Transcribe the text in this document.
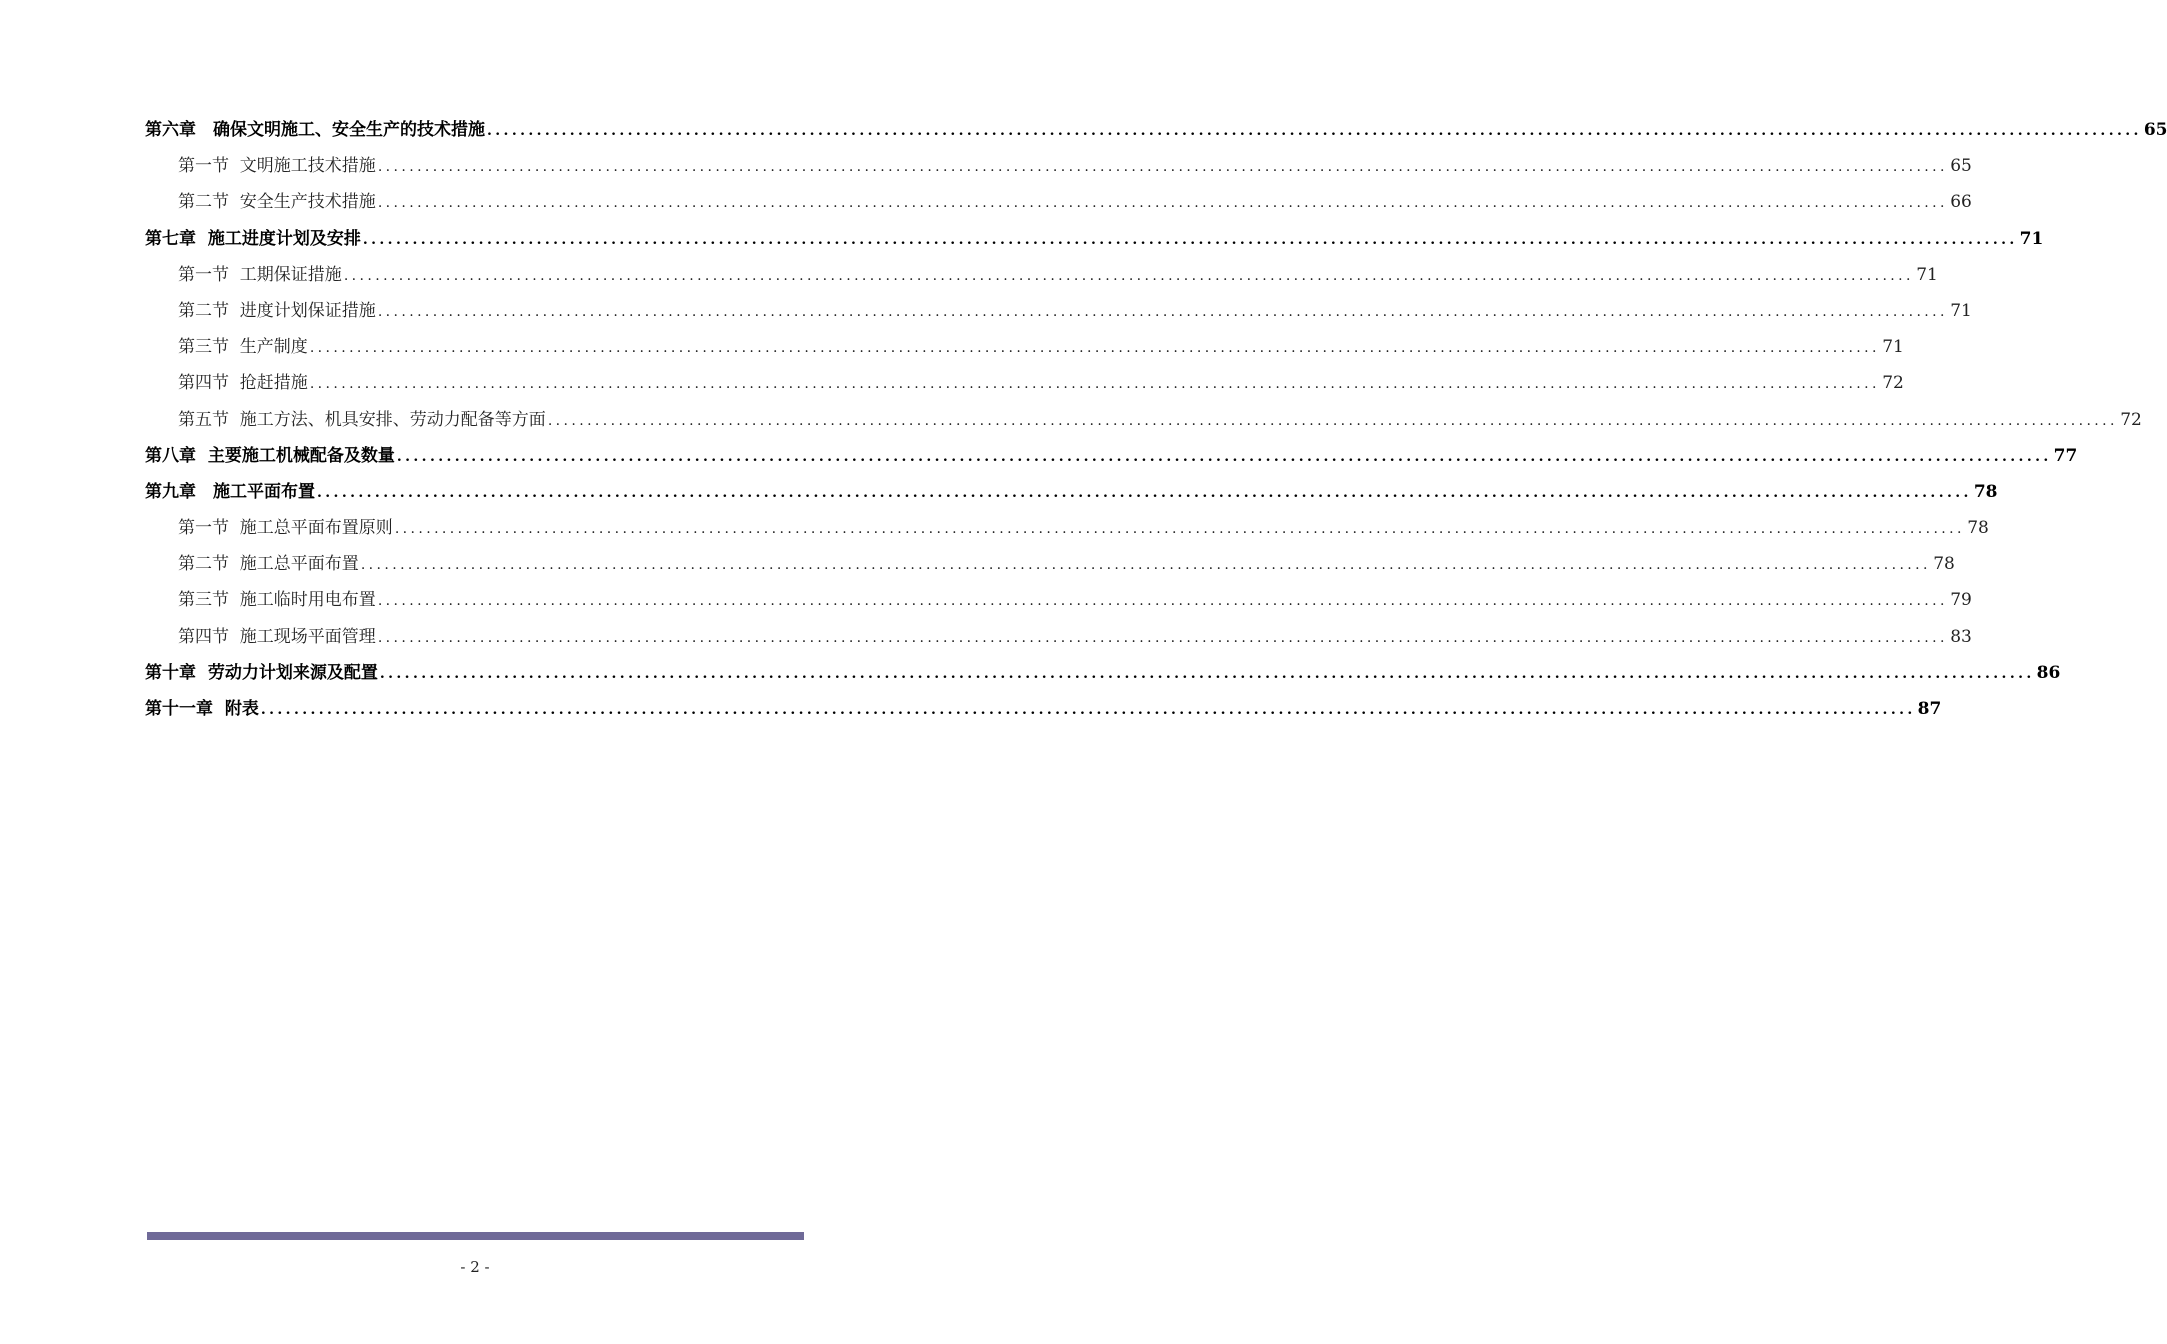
第六章　确保文明施工、安全生产的技术措施 ........................................................................................................................................................................................................ 65
第一节  文明施工技术措施 ........................................................................................................................................................................................................ 65
第二节  安全生产技术措施 ........................................................................................................................................................................................................ 66
第七章  施工进度计划及安排 ........................................................................................................................................................................................................ 71
第一节  工期保证措施 ........................................................................................................................................................................................................ 71
第二节  进度计划保证措施 ........................................................................................................................................................................................................ 71
第三节  生产制度 ........................................................................................................................................................................................................ 71
第四节  抢赶措施 ........................................................................................................................................................................................................ 72
第五节  施工方法、机具安排、劳动力配备等方面 ........................................................................................................................................................................................................ 72
第八章  主要施工机械配备及数量 ........................................................................................................................................................................................................ 77
第九章　施工平面布置 ........................................................................................................................................................................................................ 78
第一节  施工总平面布置原则 ........................................................................................................................................................................................................ 78
第二节  施工总平面布置 ........................................................................................................................................................................................................ 78
第三节  施工临时用电布置 ........................................................................................................................................................................................................ 79
第四节  施工现场平面管理 ........................................................................................................................................................................................................ 83
第十章  劳动力计划来源及配置 ........................................................................................................................................................................................................ 86
第十一章  附表 ........................................................................................................................................................................................................ 87
- 2 -
